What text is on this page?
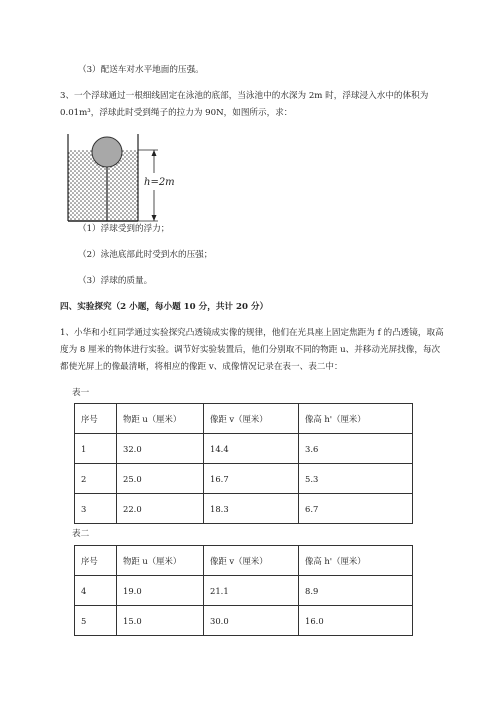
（3）配送车对水平地面的压强。
3、一个浮球通过一根细线固定在泳池的底部，当泳池中的水深为 2m 时，浮球浸入水中的体积为
0.01m³，浮球此时受到绳子的拉力为 90N，如图所示，求：
h=2m
（1）浮球受到的浮力；
（2）泳池底部此时受到水的压强；
（3）浮球的质量。
四、实验探究（2 小题，每小题 10 分，共计 20 分）
1、小华和小红同学通过实验探究凸透镜成实像的规律，他们在光具座上固定焦距为 f 的凸透镜，取高
度为 8 厘米的物体进行实验。调节好实验装置后，他们分别取不同的物距 u、并移动光屏找像，每次
都使光屏上的像最清晰，将相应的像距 v、成像情况记录在表一、表二中：
表一
序号	物距 u（厘米）	像距 v（厘米）	像高 h'（厘米）
1	32.0	14.4	3.6
2	25.0	16.7	5.3
3	22.0	18.3	6.7
表二
序号	物距 u（厘米）	像距 v（厘米）	像高 h'（厘米）
4	19.0	21.1	8.9
5	15.0	30.0	16.0
